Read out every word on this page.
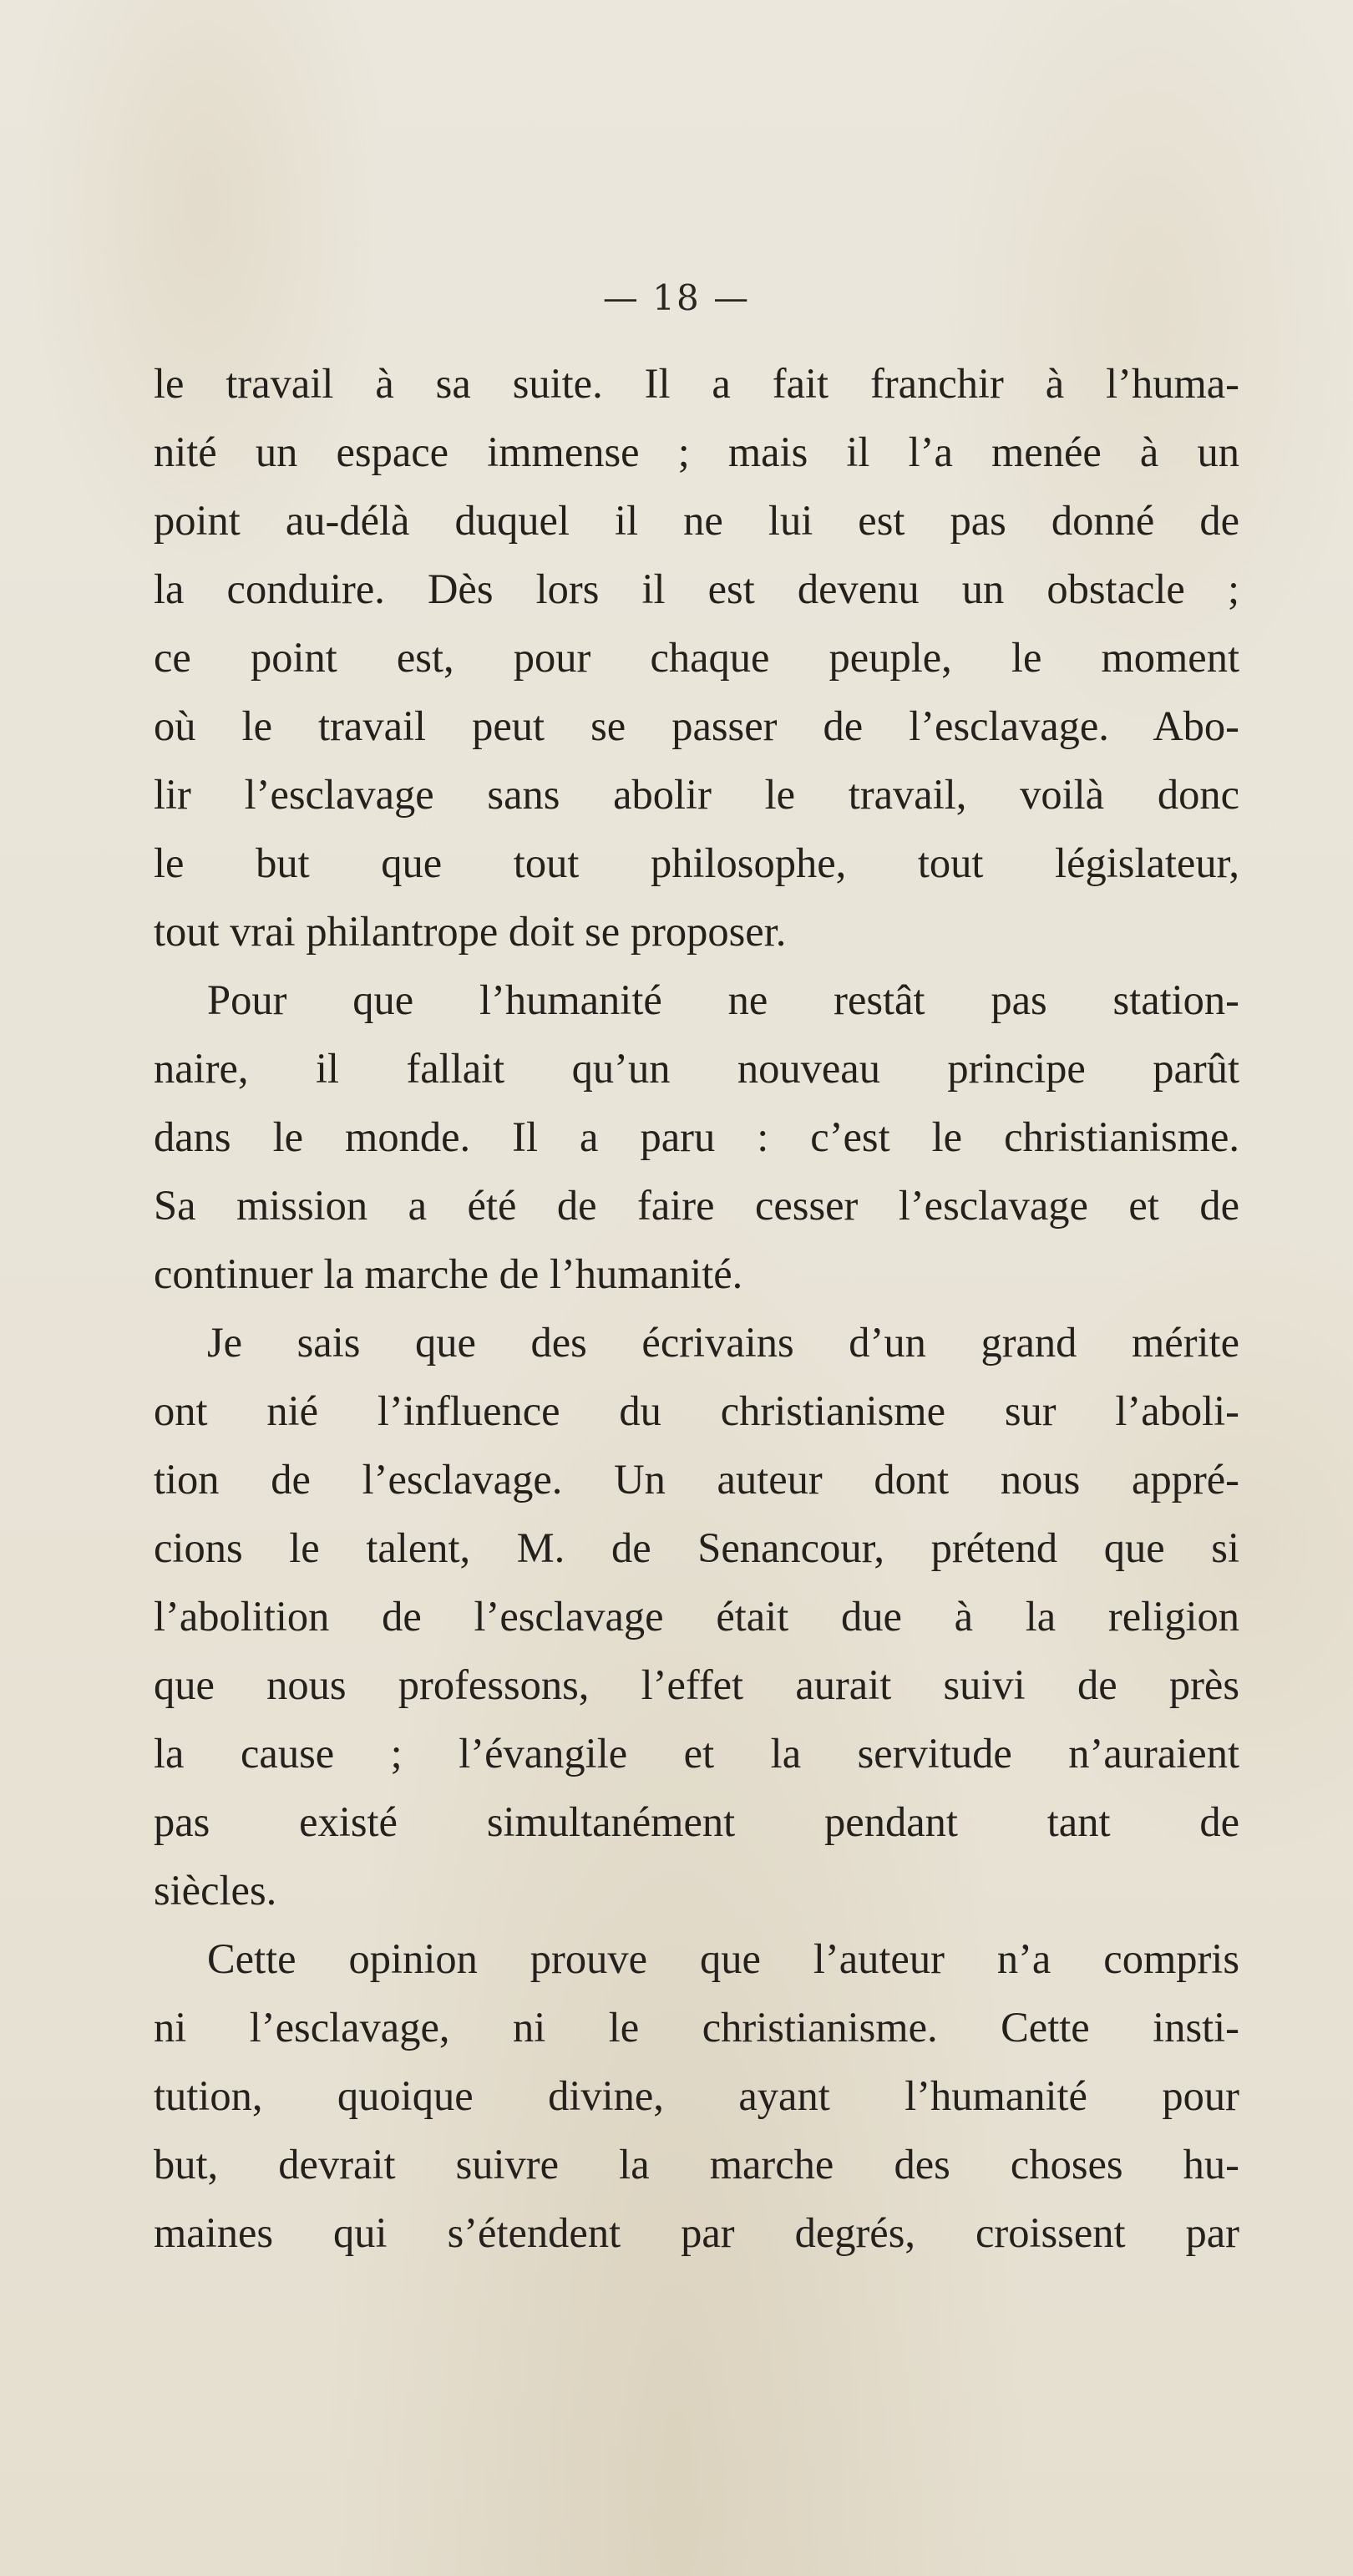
— 18 —

le travail à sa suite. Il a fait franchir à l’huma-
nité un espace immense ; mais il l’a menée à un
point au-délà duquel il ne lui est pas donné de
la conduire. Dès lors il est devenu un obstacle ;
ce point est, pour chaque peuple, le moment
où le travail peut se passer de l’esclavage. Abo-
lir l’esclavage sans abolir le travail, voilà donc
le but que tout philosophe, tout législateur,
tout vrai philantrope doit se proposer.

Pour que l’humanité ne restât pas station-
naire, il fallait qu’un nouveau principe parût
dans le monde. Il a paru : c’est le christianisme.
Sa mission a été de faire cesser l’esclavage et de
continuer la marche de l’humanité.

Je sais que des écrivains d’un grand mérite
ont nié l’influence du christianisme sur l’aboli-
tion de l’esclavage. Un auteur dont nous appré-
cions le talent, M. de Senancour, prétend que si
l’abolition de l’esclavage était due à la religion
que nous professons, l’effet aurait suivi de près
la cause ; l’évangile et la servitude n’auraient
pas existé simultanément pendant tant de
siècles.

Cette opinion prouve que l’auteur n’a compris
ni l’esclavage, ni le christianisme. Cette insti-
tution, quoique divine, ayant l’humanité pour
but, devrait suivre la marche des choses hu-
maines qui s’étendent par degrés, croissent par
